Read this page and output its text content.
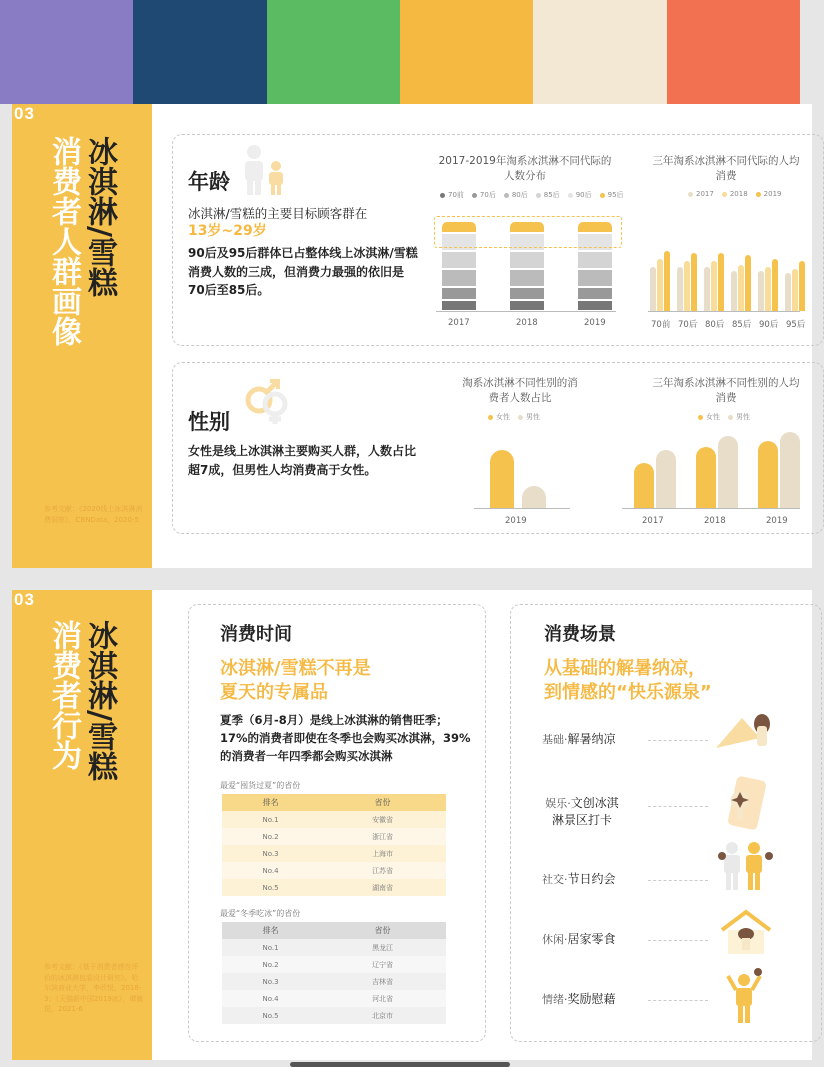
03
冰淇淋/雪糕
消费者人群画像
参考文献：《2020线上冰淇淋消费洞察》，CBNData，2020-5
年龄
冰淇淋/雪糕的主要目标顾客群在
13岁~29岁
90后及95后群体已占整体线上冰淇淋/雪糕消费人数的三成，但消费力最强的依旧是70后至85后。
2017-2019年淘系冰淇淋不同代际的人数分布
70前 70后 80后 85后 90后 95后
2017	2018	2019
三年淘系冰淇淋不同代际的人均消费
2017 2018 2019
性别
女性是线上冰淇淋主要购买人群，人数占比超7成，但男性人均消费高于女性。
淘系冰淇淋不同性别的消费者人数占比
女性 男性
2019
三年淘系冰淇淋不同性别的人均消费
女性 男性
2017	2018	2019
70前 70后 80后 85后 90后 95后
03
冰淇淋/雪糕
消费者行为
参考文献：《基于消费者感性评价的冰淇淋包装设计研究》，哈尔滨商业大学，李欣悦，2018-3；《天猫新中国2019冰》，谭敏悦，2021-6
消费时间
冰淇淋/雪糕不再是
夏天的专属品
夏季（6月-8月）是线上冰淇淋的销售旺季；17%的消费者即使在冬季也会购买冰淇淋，39%的消费者一年四季都会购买冰淇淋
最爱“囤货过夏”的省份
排名	省份
No.1	安徽省
No.2	浙江省
No.3	上海市
No.4	江苏省
No.5	湖南省
最爱“冬季吃冰”的省份
排名	省份
No.1	黑龙江
No.2	辽宁省
No.3	吉林省
No.4	河北省
No.5	北京市
消费场景
从基础的解暑纳凉，
到情感的“快乐源泉”
基础·解暑纳凉
娱乐·文创冰淇淋景区打卡
社交·节日约会
休闲·居家零食
情绪·奖励慰藉
